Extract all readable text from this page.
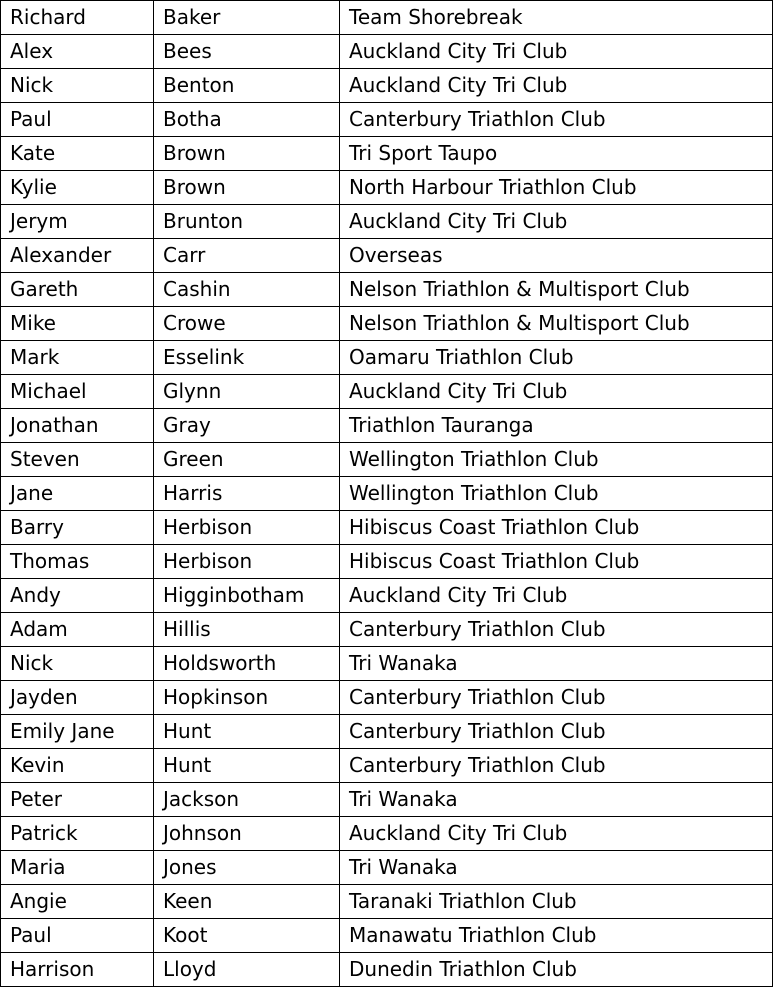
Richard	Baker	Team Shorebreak
Alex	Bees	Auckland City Tri Club
Nick	Benton	Auckland City Tri Club
Paul	Botha	Canterbury Triathlon Club
Kate	Brown	Tri Sport Taupo
Kylie	Brown	North Harbour Triathlon Club
Jerym	Brunton	Auckland City Tri Club
Alexander	Carr	Overseas
Gareth	Cashin	Nelson Triathlon & Multisport Club
Mike	Crowe	Nelson Triathlon & Multisport Club
Mark	Esselink	Oamaru Triathlon Club
Michael	Glynn	Auckland City Tri Club
Jonathan	Gray	Triathlon Tauranga
Steven	Green	Wellington Triathlon Club
Jane	Harris	Wellington Triathlon Club
Barry	Herbison	Hibiscus Coast Triathlon Club
Thomas	Herbison	Hibiscus Coast Triathlon Club
Andy	Higginbotham	Auckland City Tri Club
Adam	Hillis	Canterbury Triathlon Club
Nick	Holdsworth	Tri Wanaka
Jayden	Hopkinson	Canterbury Triathlon Club
Emily Jane	Hunt	Canterbury Triathlon Club
Kevin	Hunt	Canterbury Triathlon Club
Peter	Jackson	Tri Wanaka
Patrick	Johnson	Auckland City Tri Club
Maria	Jones	Tri Wanaka
Angie	Keen	Taranaki Triathlon Club
Paul	Koot	Manawatu Triathlon Club
Harrison	Lloyd	Dunedin Triathlon Club
